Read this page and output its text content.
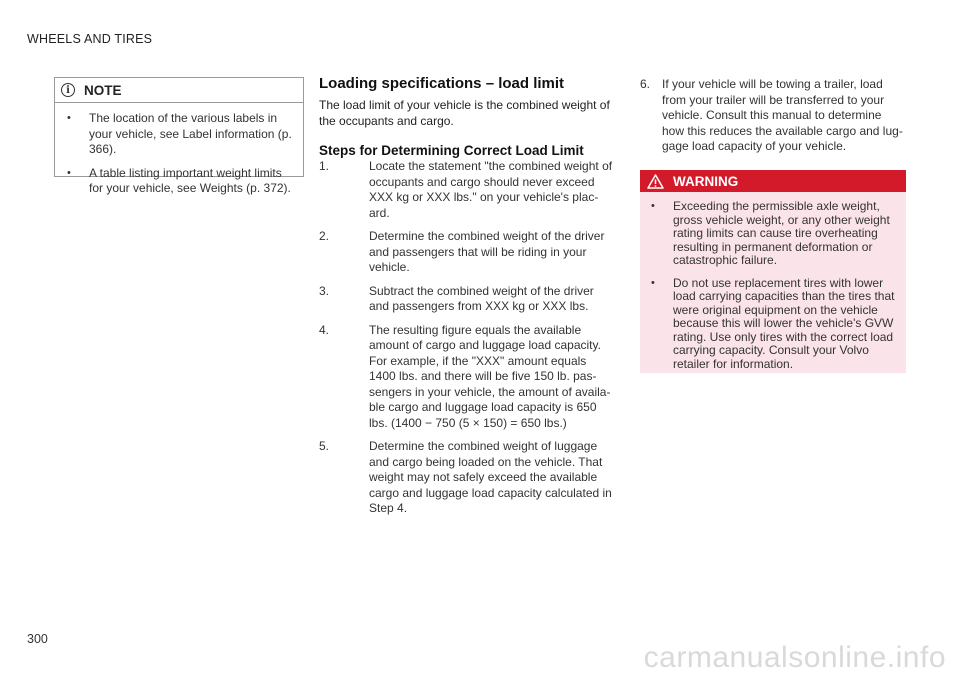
WHEELS AND TIRES
i	NOTE
• The location of the various labels in your vehicle, see Label information (p. 366).
• A table listing important weight limits for your vehicle, see Weights (p. 372).
Loading specifications – load limit

The load limit of your vehicle is the combined weight of the occupants and cargo.

Steps for Determining Correct Load Limit
1.	Locate the statement "the combined weight of occupants and cargo should never exceed XXX kg or XXX lbs." on your vehicle's plac-ard.
2.	Determine the combined weight of the driver and passengers that will be riding in your vehicle.
3.	Subtract the combined weight of the driver and passengers from XXX kg or XXX lbs.
4.	The resulting figure equals the available amount of cargo and luggage load capacity. For example, if the "XXX" amount equals 1400 lbs. and there will be five 150 lb. pas-sengers in your vehicle, the amount of availa-ble cargo and luggage load capacity is 650 lbs. (1400 − 750 (5 × 150) = 650 lbs.)
5.	Determine the combined weight of luggage and cargo being loaded on the vehicle. That weight may not safely exceed the available cargo and luggage load capacity calculated in Step 4.
6. If your vehicle will be towing a trailer, load from your trailer will be transferred to your vehicle. Consult this manual to determine how this reduces the available cargo and lug-gage load capacity of your vehicle.
WARNING
• Exceeding the permissible axle weight, gross vehicle weight, or any other weight rating limits can cause tire overheating resulting in permanent deformation or catastrophic failure.
• Do not use replacement tires with lower load carrying capacities than the tires that were original equipment on the vehicle because this will lower the vehicle's GVW rating. Use only tires with the correct load carrying capacity. Consult your Volvo retailer for information.
300
carmanualsonline.info
